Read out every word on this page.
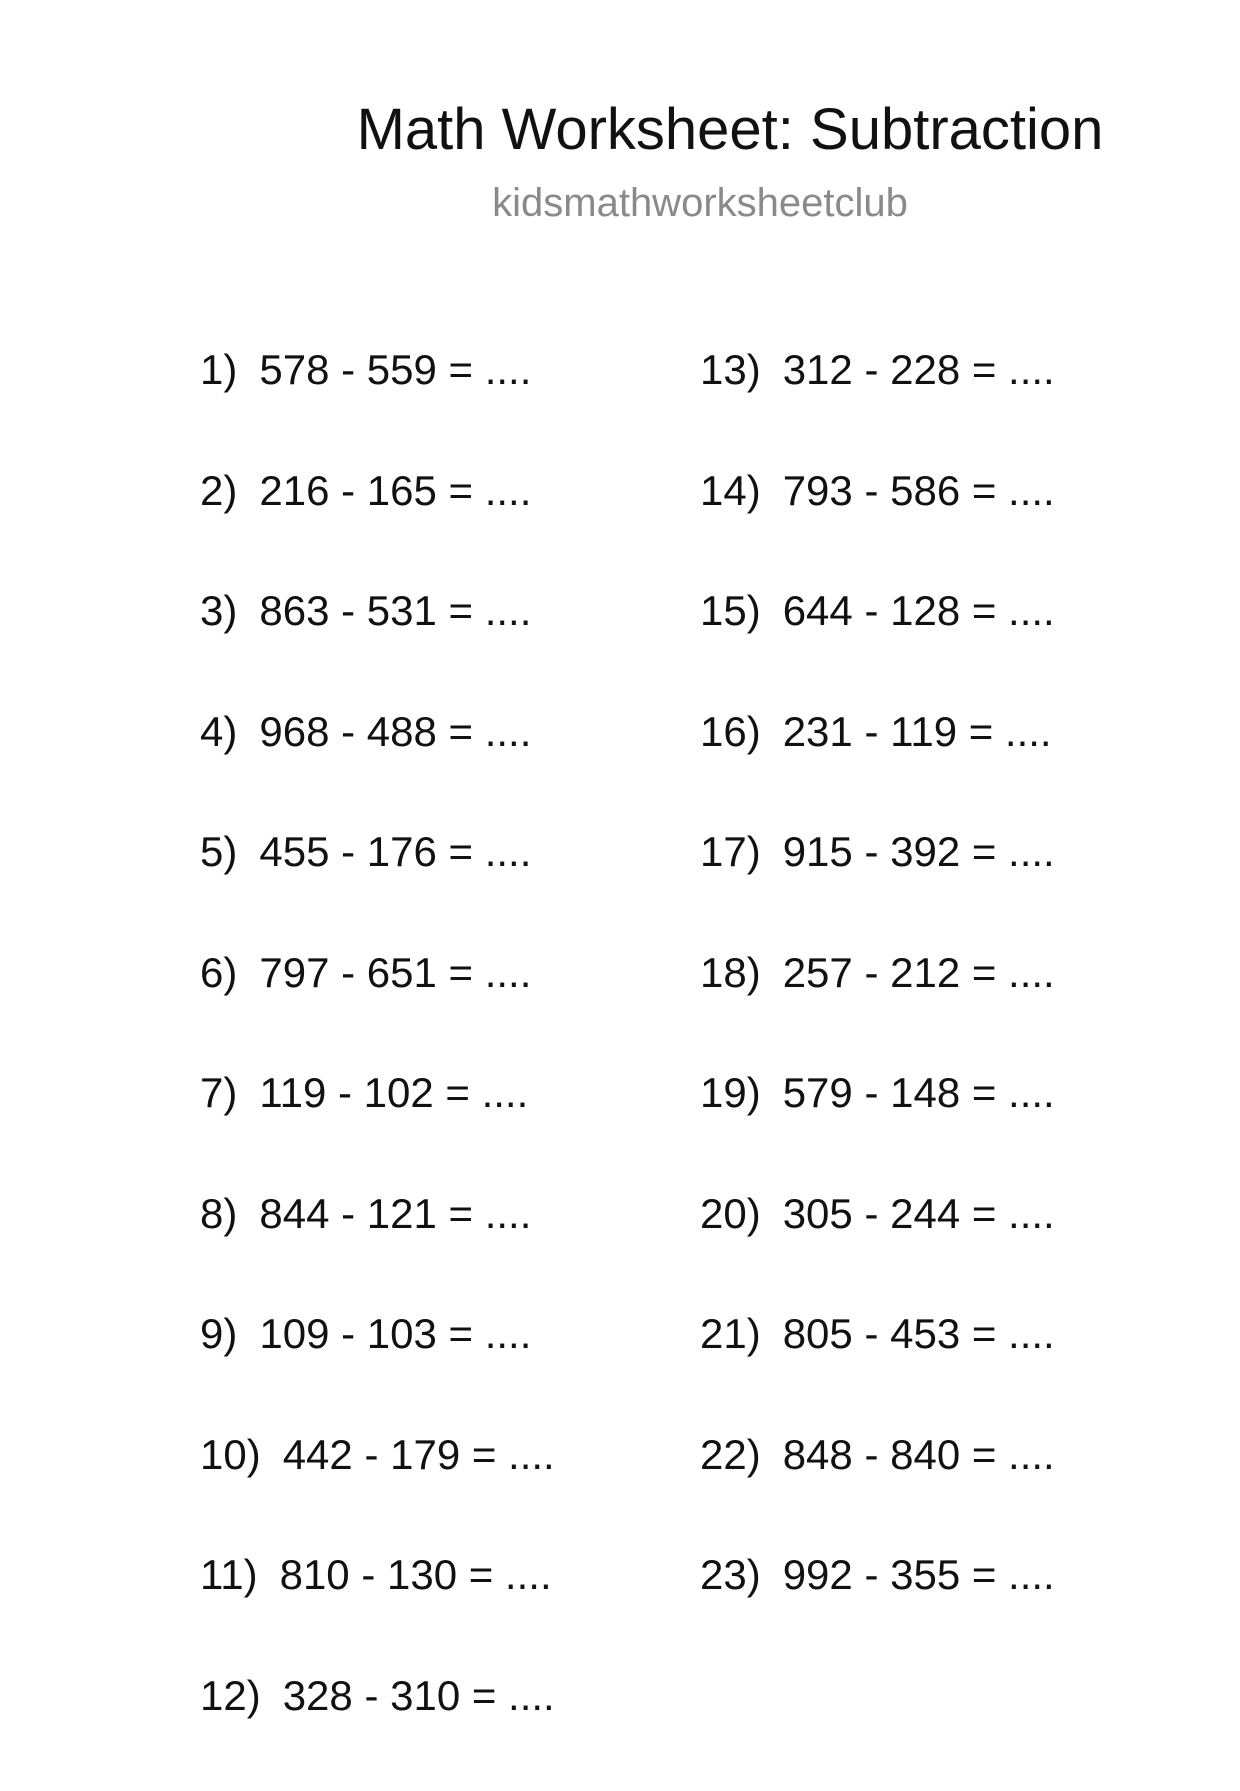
Math Worksheet: Subtraction
kidsmathworksheetclub
1) 578 - 559 = ....
2) 216 - 165 = ....
3) 863 - 531 = ....
4) 968 - 488 = ....
5) 455 - 176 = ....
6) 797 - 651 = ....
7) 119 - 102 = ....
8) 844 - 121 = ....
9) 109 - 103 = ....
10) 442 - 179 = ....
11) 810 - 130 = ....
12) 328 - 310 = ....
13) 312 - 228 = ....
14) 793 - 586 = ....
15) 644 - 128 = ....
16) 231 - 119 = ....
17) 915 - 392 = ....
18) 257 - 212 = ....
19) 579 - 148 = ....
20) 305 - 244 = ....
21) 805 - 453 = ....
22) 848 - 840 = ....
23) 992 - 355 = ....
